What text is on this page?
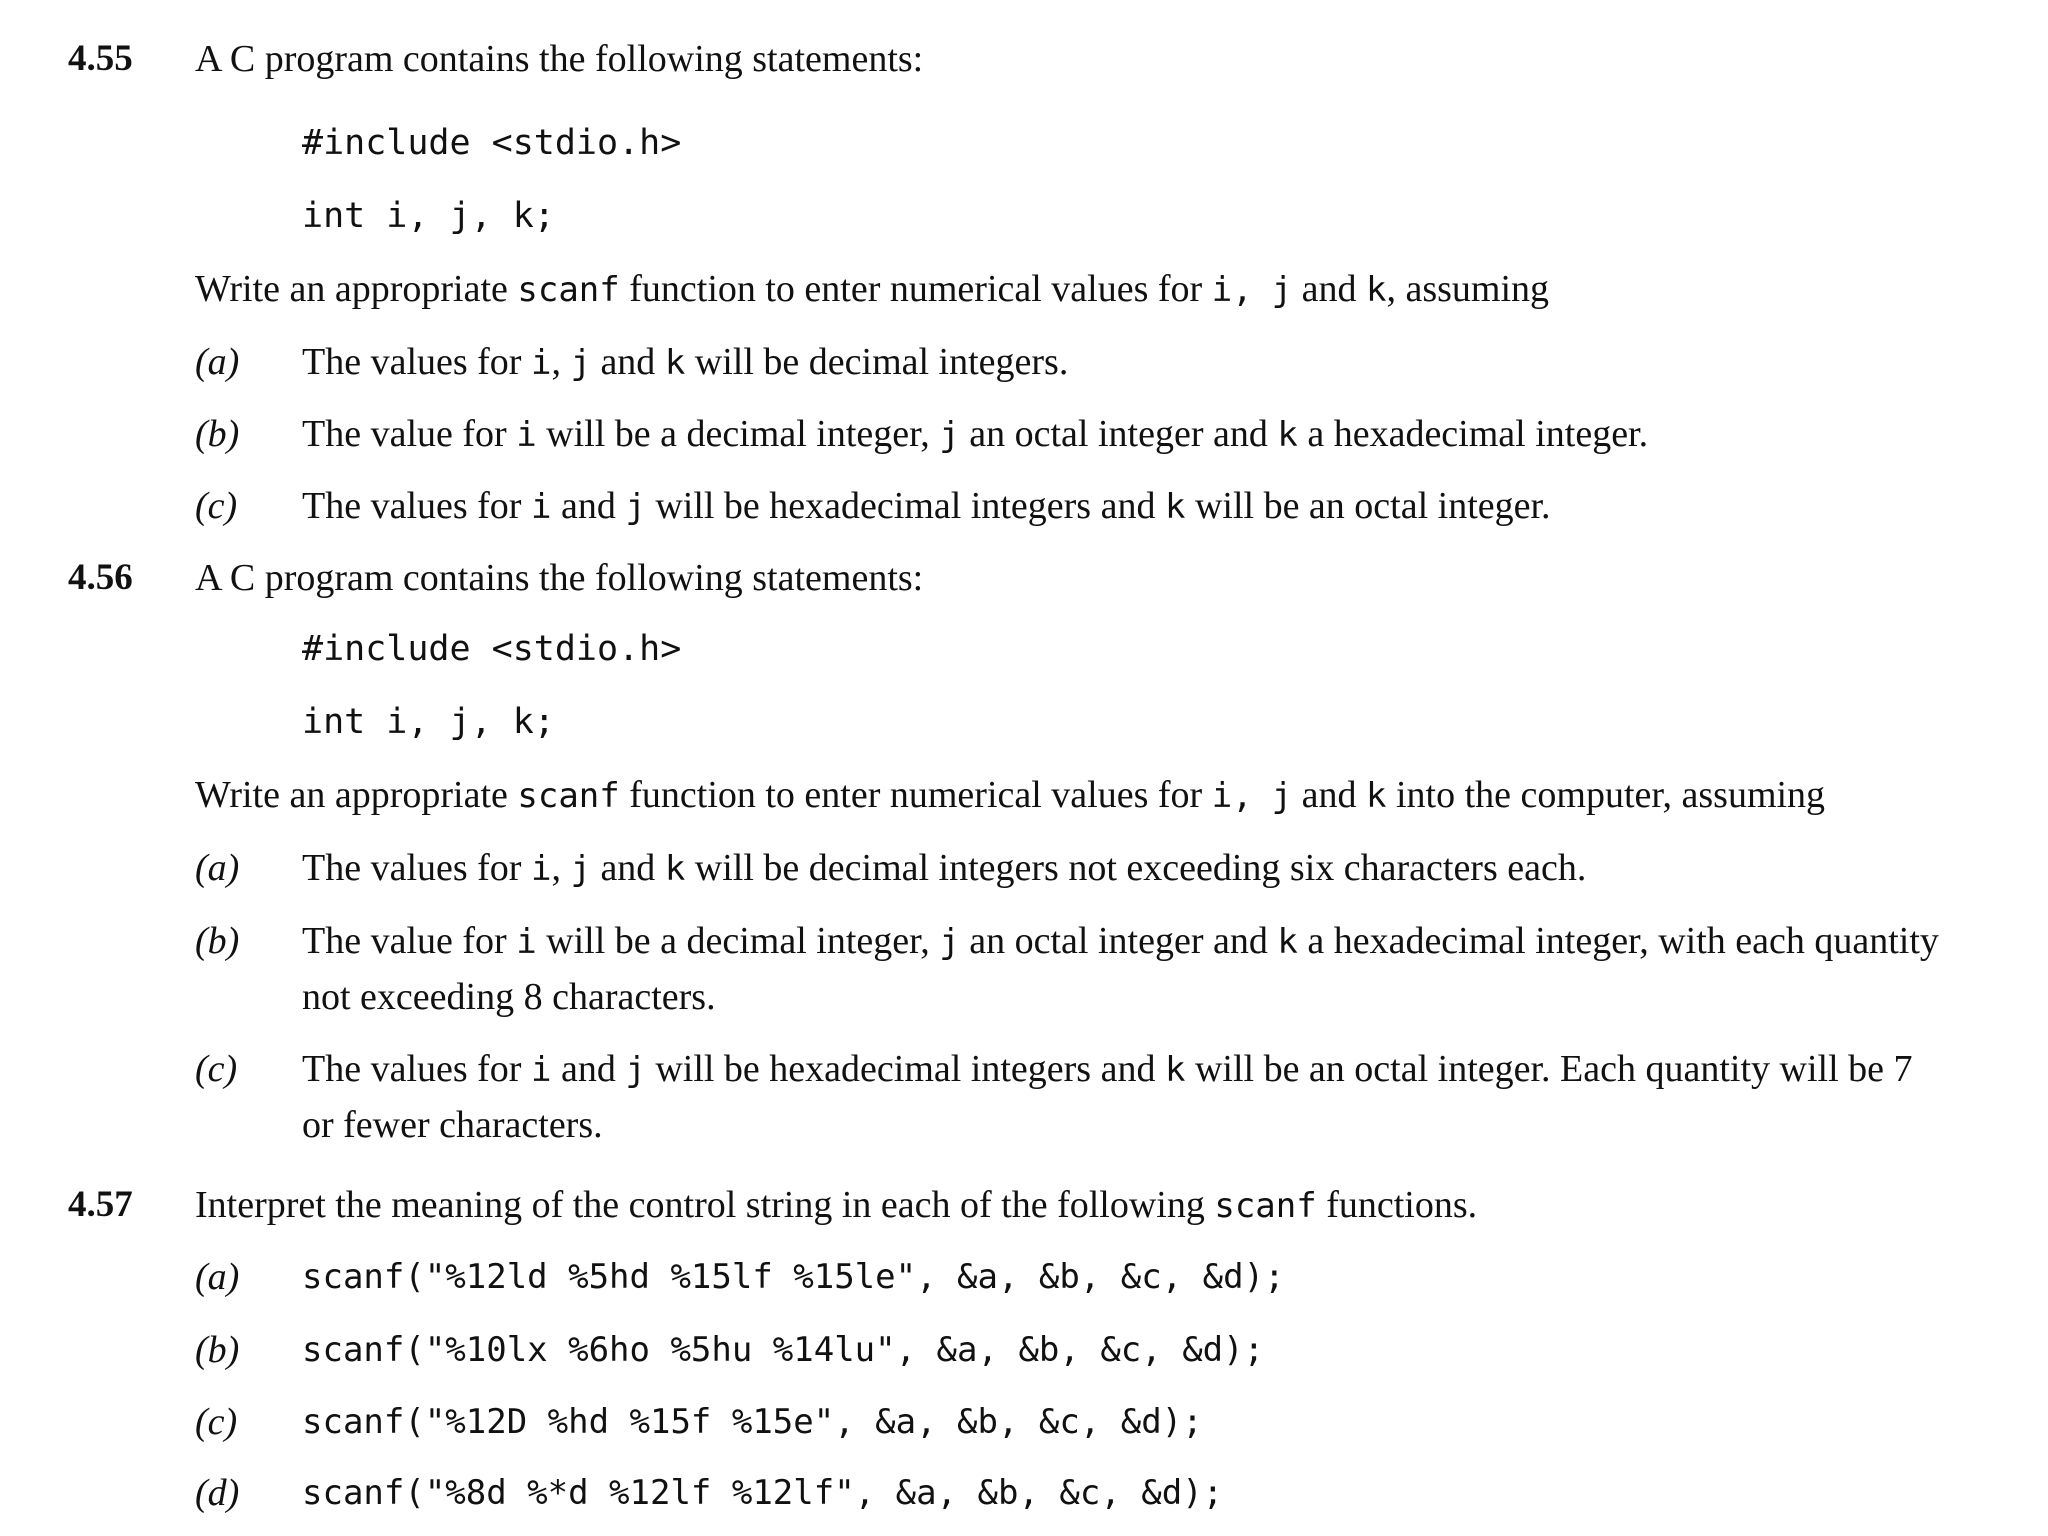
4.55 A C program contains the following statements:
#include <stdio.h>
int i, j, k;
Write an appropriate scanf function to enter numerical values for i, j and k, assuming
(a) The values for i, j and k will be decimal integers.
(b) The value for i will be a decimal integer, j an octal integer and k a hexadecimal integer.
(c) The values for i and j will be hexadecimal integers and k will be an octal integer.
4.56 A C program contains the following statements:
#include <stdio.h>
int i, j, k;
Write an appropriate scanf function to enter numerical values for i, j and k into the computer, assuming
(a) The values for i, j and k will be decimal integers not exceeding six characters each.
(b) The value for i will be a decimal integer, j an octal integer and k a hexadecimal integer, with each quantity
not exceeding 8 characters.
(c) The values for i and j will be hexadecimal integers and k will be an octal integer. Each quantity will be 7
or fewer characters.
4.57 Interpret the meaning of the control string in each of the following scanf functions.
(a) scanf("%12ld %5hd %15lf %15le", &a, &b, &c, &d);
(b) scanf("%10lx %6ho %5hu %14lu", &a, &b, &c, &d);
(c) scanf("%12D %hd %15f %15e", &a, &b, &c, &d);
(d) scanf("%8d %*d %12lf %12lf", &a, &b, &c, &d);
